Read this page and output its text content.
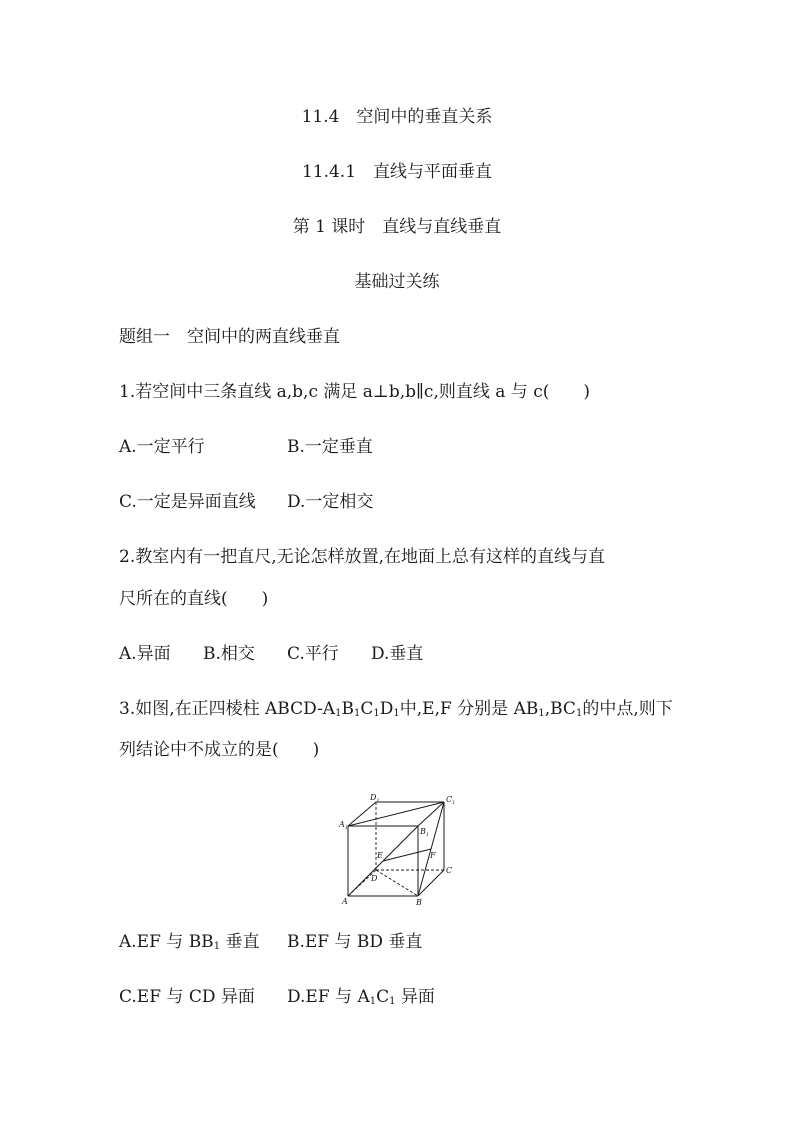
11.4　空间中的垂直关系
11.4.1　直线与平面垂直
第 1 课时　直线与直线垂直
基础过关练
题组一　空间中的两直线垂直
1.若空间中三条直线 a,b,c 满足 a⊥b,b∥c,则直线 a 与 c(　　)
A.一定平行	B.一定垂直
C.一定是异面直线 D.一定相交
2.教室内有一把直尺,无论怎样放置,在地面上总有这样的直线与直
尺所在的直线(　　)
A.异面 B.相交 C.平行 D.垂直
3.如图,在正四棱柱 ABCD-$A_1B_1C_1D_1$中,E,F 分别是 $AB_1,BC_1$的中点,则下
列结论中不成立的是(　　)
$A_1$
$D_1$	$C_1$
$B_1$
E	F
C
D
A	B
A.EF 与 $BB_1$ 垂直 B.EF 与 BD 垂直
C.EF 与 CD 异面 D.EF 与 $A_1C_1$ 异面
